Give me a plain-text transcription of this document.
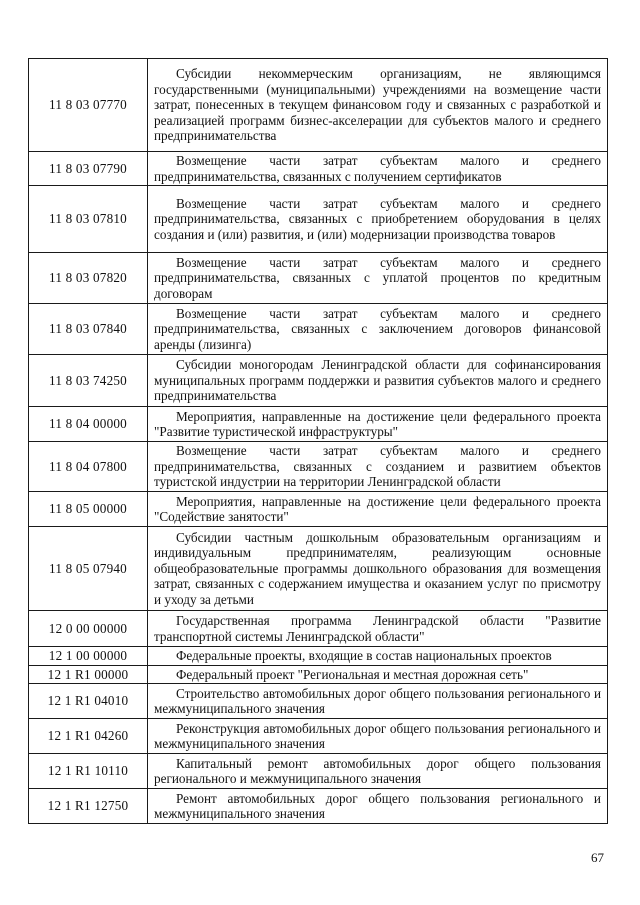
11 8 03 07770	Субсидии некоммерческим организациям, не являющимся государственными (муниципальными) учреждениями на возмещение части затрат, понесенных в текущем финансовом году и связанных с разработкой и реализацией программ бизнес-акселерации для субъектов малого и среднего предпринимательства
11 8 03 07790	Возмещение части затрат субъектам малого и среднего предпринимательства, связанных с получением сертификатов
11 8 03 07810	Возмещение части затрат субъектам малого и среднего предпринимательства, связанных с приобретением оборудования в целях создания и (или) развития, и (или) модернизации производства товаров
11 8 03 07820	Возмещение части затрат субъектам малого и среднего предпринимательства, связанных с уплатой процентов по кредитным договорам
11 8 03 07840	Возмещение части затрат субъектам малого и среднего предпринимательства, связанных с заключением договоров финансовой аренды (лизинга)
11 8 03 74250	Субсидии моногородам Ленинградской области для софинансирования муниципальных программ поддержки и развития субъектов малого и среднего предпринимательства
11 8 04 00000	Мероприятия, направленные на достижение цели федерального проекта "Развитие туристической инфраструктуры"
11 8 04 07800	Возмещение части затрат субъектам малого и среднего предпринимательства, связанных с созданием и развитием объектов туристской индустрии на территории Ленинградской области
11 8 05 00000	Мероприятия, направленные на достижение цели федерального проекта "Содействие занятости"
11 8 05 07940	Субсидии частным дошкольным образовательным организациям и индивидуальным предпринимателям, реализующим основные общеобразовательные программы дошкольного образования для возмещения затрат, связанных с содержанием имущества и оказанием услуг по присмотру и уходу за детьми
12 0 00 00000	Государственная программа Ленинградской области "Развитие транспортной системы Ленинградской области"
12 1 00 00000	Федеральные проекты, входящие в состав национальных проектов
12 1 R1 00000	Федеральный проект "Региональная и местная дорожная сеть"
12 1 R1 04010	Строительство автомобильных дорог общего пользования регионального и межмуниципального значения
12 1 R1 04260	Реконструкция автомобильных дорог общего пользования регионального и межмуниципального значения
12 1 R1 10110	Капитальный ремонт автомобильных дорог общего пользования регионального и межмуниципального значения
12 1 R1 12750	Ремонт автомобильных дорог общего пользования регионального и межмуниципального значения
67
